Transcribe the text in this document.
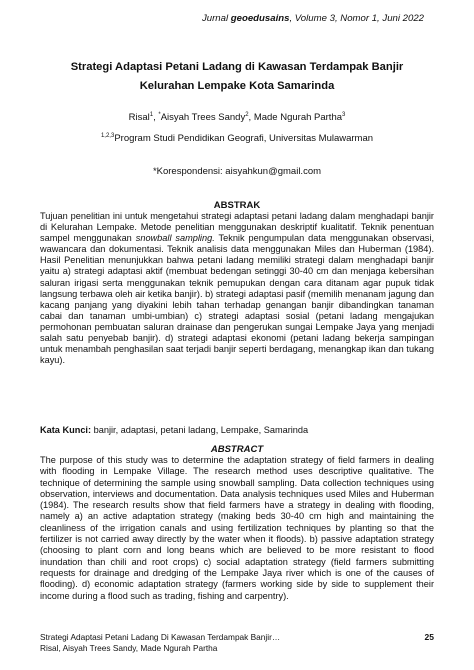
Jurnal geoedusains, Volume 3, Nomor 1, Juni 2022
Strategi Adaptasi Petani Ladang di Kawasan Terdampak Banjir
Kelurahan Lempake Kota Samarinda
Risal$^1$, *Aisyah Trees Sandy$^2$, Made Ngurah Partha$^3$
$^{1,2,3}$Program Studi Pendidikan Geografi, Universitas Mulawarman
*Korespondensi: aisyahkun@gmail.com
ABSTRAK
Tujuan penelitian ini untuk mengetahui strategi adaptasi petani ladang dalam menghadapi banjir di Kelurahan Lempake. Metode penelitian menggunakan deskriptif kualitatif. Teknik penentuan sampel menggunakan snowball sampling. Teknik pengumpulan data menggunakan observasi, wawancara dan dokumentasi. Teknik analisis data menggunakan Miles dan Huberman (1984). Hasil Penelitian menunjukkan bahwa petani ladang memiliki strategi dalam menghadapi banjir yaitu a) strategi adaptasi aktif (membuat bedengan setinggi 30-40 cm dan menjaga kebersihan saluran irigasi serta menggunakan teknik pemupukan dengan cara ditanam agar pupuk tidak langsung terbawa oleh air ketika banjir). b) strategi adaptasi pasif (memilih menanam jagung dan kacang panjang yang diyakini lebih tahan terhadap genangan banjir dibandingkan tanaman cabai dan tanaman umbi-umbian) c) strategi adaptasi sosial (petani ladang mengajukan permohonan pembuatan saluran drainase dan pengerukan sungai Lempake Jaya yang menjadi salah satu penyebab banjir). d) strategi adaptasi ekonomi (petani ladang bekerja sampingan untuk menambah penghasilan saat terjadi banjir seperti berdagang, menangkap ikan dan tukang kayu).
Kata Kunci: banjir, adaptasi, petani ladang, Lempake, Samarinda
ABSTRACT
The purpose of this study was to determine the adaptation strategy of field farmers in dealing with flooding in Lempake Village. The research method uses descriptive qualitative. The technique of determining the sample using snowball sampling. Data collection techniques using observation, interviews and documentation. Data analysis techniques used Miles and Huberman (1984). The research results show that field farmers have a strategy in dealing with flooding, namely a) an active adaptation strategy (making beds 30-40 cm high and maintaining the cleanliness of the irrigation canals and using fertilization techniques by planting so that the fertilizer is not carried away directly by the water when it floods). b) passive adaptation strategy (choosing to plant corn and long beans which are believed to be more resistant to flood inundation than chili and root crops) c) social adaptation strategy (field farmers submitting requests for drainage and dredging of the Lempake Jaya river which is one of the causes of flooding). d) economic adaptation strategy (farmers working side by side to supplement their income during a flood such as trading, fishing and carpentry).
Strategi Adaptasi Petani Ladang Di Kawasan Terdampak Banjir…
Risal, Aisyah Trees Sandy, Made Ngurah Partha
25
